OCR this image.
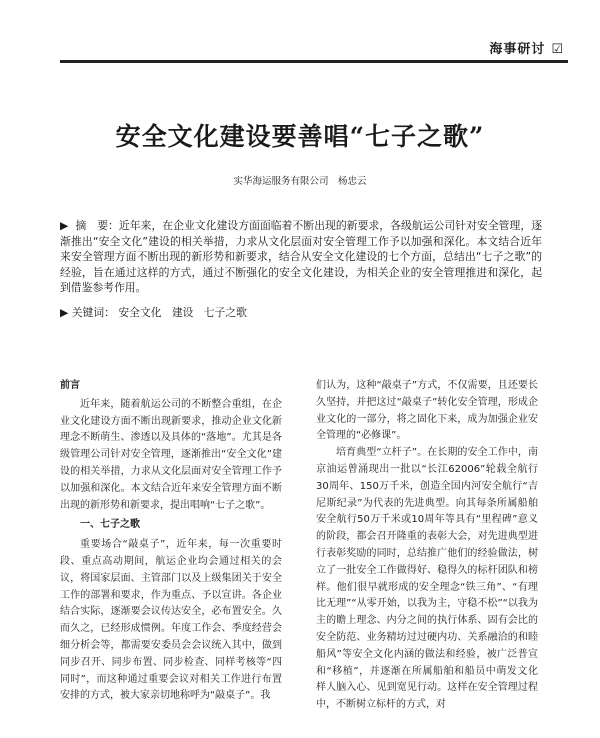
海事研讨 ☑
安全文化建设要善唱“七子之歌”
实华海运服务有限公司　杨忠云
▶ 摘　要：近年来，在企业文化建设方面面临着不断出现的新要求，各级航运公司针对安全管理，逐渐推出“安全文化”建设的相关举措，力求从文化层面对安全管理工作予以加强和深化。本文结合近年来安全管理方面不断出现的新形势和新要求，结合从安全文化建设的七个方面，总结出“七子之歌”的经验，旨在通过这样的方式，通过不断强化的安全文化建设，为相关企业的安全管理推进和深化，起到借鉴参考作用。
▶ 关键词： 安全文化 建设 七子之歌

前言

近年来，随着航运公司的不断整合重组，在企业文化建设方面不断出现新要求，推动企业文化新理念不断萌生、渗透以及具体的“落地”。尤其是各级管理公司针对安全管理，逐渐推出“安全文化”建设的相关举措，力求从文化层面对安全管理工作予以加强和深化。本文结合近年来安全管理方面不断出现的新形势和新要求，提出唱响“七子之歌”。

一、七子之歌

重要场合“敲桌子”，近年来，每一次重要时段、重点高动期间，航运企业均会通过相关的会议，将国家层面、主管部门以及上级集团关于安全工作的部署和要求，作为重点、予以宣讲。各企业结合实际，逐渐要会议传达安全，必布置安全。久而久之，已经形成惯例。年度工作会、季度经营会细分析会等，都需要安委员会会议统入其中，做到同步召开、同步布置、同步检查、同样考核等“四同时”，而这种通过重要会议对相关工作进行布置安排的方式，被大家亲切地称呼为“敲桌子”。我

们认为，这种“敲桌子”方式，不仅需要，且还要长久坚持，并把这过“敲桌子”转化安全管理，形成企业文化的一部分，将之固化下来，成为加强企业安全管理的“必修课”。

培育典型“立杆子”。在长期的安全工作中，南京油运曾涌现出一批以“长江62006”轮载全航行30周年、150万千米，创造全国内河安全航行“吉尼斯纪录”为代表的先进典型。向其每条所属船舶安全航行50万千米或10周年等具有“里程碑”意义的阶段，都会召开隆重的表彰大会，对先进典型进行表彰奖励的同时，总结推广他们的经验做法，树立了一批安全工作做得好、稳得久的标杆团队和榜样。他们很早就形成的安全理念“铁三角”、“有理比无理”“从零开始，以我为主，守稳不松”“以我为主的瞻上理念、内分之间的执行体系、固有会比的安全防范、业务精坊过过硬内功、关系融洽的和睦船风”等安全文化内涵的做法和经验，被广泛普宣和“移植”，并逐渐在所属船舶和船员中萌发文化　样人脑入心、见到宽见行动。这样在安全管理过程中，不断树立标杆的方式，对
